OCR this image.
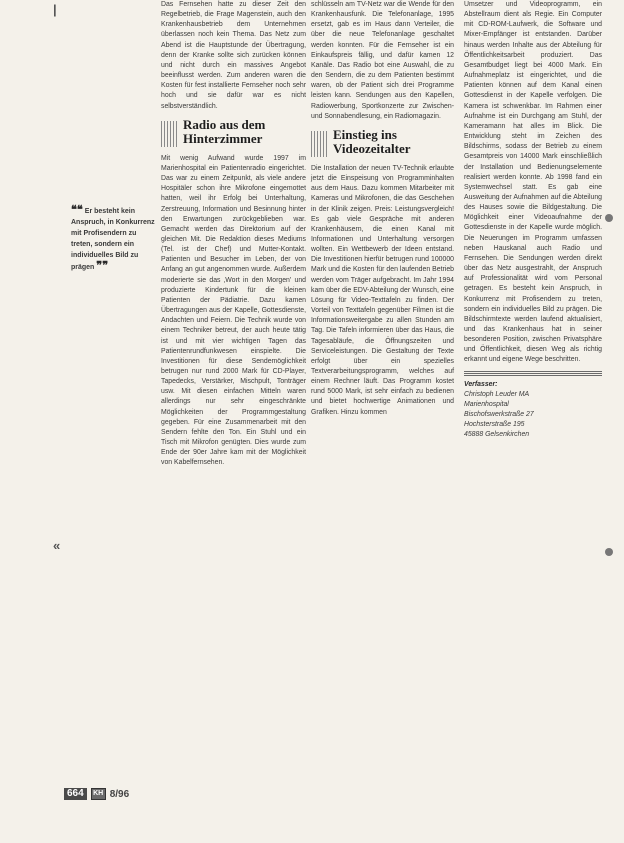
|
«
❝❝ Er besteht kein Anspruch, in Konkurrenz mit Profisendern zu treten, sondern ein individuelles Bild zu prägen ❞❞

Das Fernsehen hatte zu dieser Zeit den Regelbetrieb, die Frage Magenstein, auch den Krankenhausbetrieb dem Unternehmen überlassen noch kein Thema. Das Netz zum Abend ist die Hauptstunde der Übertragung, denn der Kranke sollte sich zurücken können und nicht durch ein massives Angebot beeinflusst werden. Zum anderen waren die Kosten für fest installierte Fernseher noch sehr hoch und sie dafür war es nicht selbstverständlich.

Radio aus dem Hinterzimmer

Mit wenig Aufwand wurde 1997 im Marienhospital ein Patientenradio eingerichtet. Das war zu einem Zeitpunkt, als viele andere Hospitäler schon ihre Mikrofone eingemottet hatten, weil ihr Erfolg bei Unterhaltung, Zerstreuung, Information und Besinnung hinter den Erwartungen zurückgeblieben war. Gemacht werden das Direktorium auf der gleichen Mit. Die Redaktion dieses Mediums (Tel. ist der Chef) und Mutter-Kontakt. Patienten und Besucher im Leben, der von Anfang an gut angenommen wurde. Außerdem moderierte sie das ‚Wort in den Morgen' und produzierte Kindertunk für die kleinen Patienten der Pädiatrie. Dazu kamen Übertragungen aus der Kapelle, Gottesdienste, Andachten und Feiern. Die Technik wurde von einem Techniker betreut, der auch heute tätig ist und mit vier wichtigen Tagen das Patientenrundfunkwesen einspielte. Die Investitionen für diese Sendemöglichkeit betrugen nur rund 2000 Mark für CD-Player, Tapedecks, Verstärker, Mischpult, Tonträger usw. Mit diesen einfachen Mitteln waren allerdings nur sehr eingeschränkte Möglichkeiten der Programmgestaltung gegeben. Für eine Zusammenarbeit mit den Sendern fehlte den Ton. Ein Stuhl und ein Tisch mit Mikrofon genügten. Dies wurde zum Ende der 90er Jahre kam mit der Möglichkeit von Kabelfernsehen.

schlüsseln am TV-Netz war die Wende für den Krankenhausfunk. Die Telefonanlage, 1995 ersetzt, gab es im Haus dann Verteiler, die über die neue Telefonanlage geschaltet werden konnten. Für die Fernseher ist ein Einkaufspreis fällig, und dafür kamen 12 Kanäle. Das Radio bot eine Auswahl, die zu den Sendern, die zu dem Patienten bestimmt waren, ob der Patient sich drei Programme leisten kann. Sendungen aus den Kapellen, Radiowerbung, Sportkonzerte zur Zwischen- und Sonnabendlesung, ein Radiomagazin.

Einstieg ins Videozeitalter

Die Installation der neuen TV-Technik erlaubte jetzt die Einspeisung von Programminhalten aus dem Haus. Dazu kommen Mitarbeiter mit Kameras und Mikrofonen, die das Geschehen in der Klinik zeigen. Preis: Leistungsvergleich! Es gab viele Gespräche mit anderen Krankenhäusern, die einen Kanal mit Informationen und Unterhaltung versorgen wollten. Ein Wettbewerb der Ideen entstand. Die Investitionen hierfür betrugen rund 100000 Mark und die Kosten für den laufenden Betrieb werden vom Träger aufgebracht. Im Jahr 1994 kam über die EDV-Abteilung der Wunsch, eine Lösung für Video-Texttafeln zu finden. Der Vorteil von Texttafeln gegenüber Filmen ist die Informationsweitergabe zu allen Stunden am Tag. Die Tafeln informieren über das Haus, die Tagesabläufe, die Öffnungszeiten und Serviceleistungen. Die Gestaltung der Texte erfolgt über ein spezielles Textverarbeitungsprogramm, welches auf einem Rechner läuft. Das Programm kostet rund 5000 Mark, ist sehr einfach zu bedienen und bietet hochwertige Animationen und Grafiken. Hinzu kommen

Umsetzer und Videoprogramm, ein Abstellraum dient als Regie. Ein Computer mit CD-ROM-Laufwerk, die Software und Mixer-Empfänger ist entstanden. Darüber hinaus werden Inhalte aus der Abteilung für Öffentlichkeitsarbeit produziert. Das Gesamtbudget liegt bei 4000 Mark. Ein Aufnahmeplatz ist eingerichtet, und die Patienten können auf dem Kanal einen Gottesdienst in der Kapelle verfolgen. Die Kamera ist schwenkbar. Im Rahmen einer Aufnahme ist ein Durchgang am Stuhl, der Kameramann hat alles im Blick. Die Entwicklung steht im Zeichen des Bildschirms, sodass der Betrieb zu einem Gesamtpreis von 14000 Mark einschließlich der Installation und Bedienungselemente realisiert werden konnte. Ab 1998 fand ein Systemwechsel statt. Es gab eine Ausweitung der Aufnahmen auf die Abteilung des Hauses sowie die Bildgestaltung. Die Möglichkeit einer Videoaufnahme der Gottesdienste in der Kapelle wurde möglich. Die Neuerungen im Programm umfassen neben Hauskanal auch Radio und Fernsehen. Die Sendungen werden direkt über das Netz ausgestrahlt, der Anspruch auf Professionalität wird vom Personal getragen. Es besteht kein Anspruch, in Konkurrenz mit Profisendern zu treten, sondern ein individuelles Bild zu prägen. Die Bildschirmtexte werden laufend aktualisiert, und das Krankenhaus hat in seiner besonderen Position, zwischen Privatsphäre und Öffentlichkeit, diesen Weg als richtig erkannt und eigene Wege beschritten.

Verfasser:
Christoph Leuder MA
Marienhospital
Bischofswerkstraße 27
Hochsterstraße 195
45888 Gelsenkirchen
664	KH 8/96
